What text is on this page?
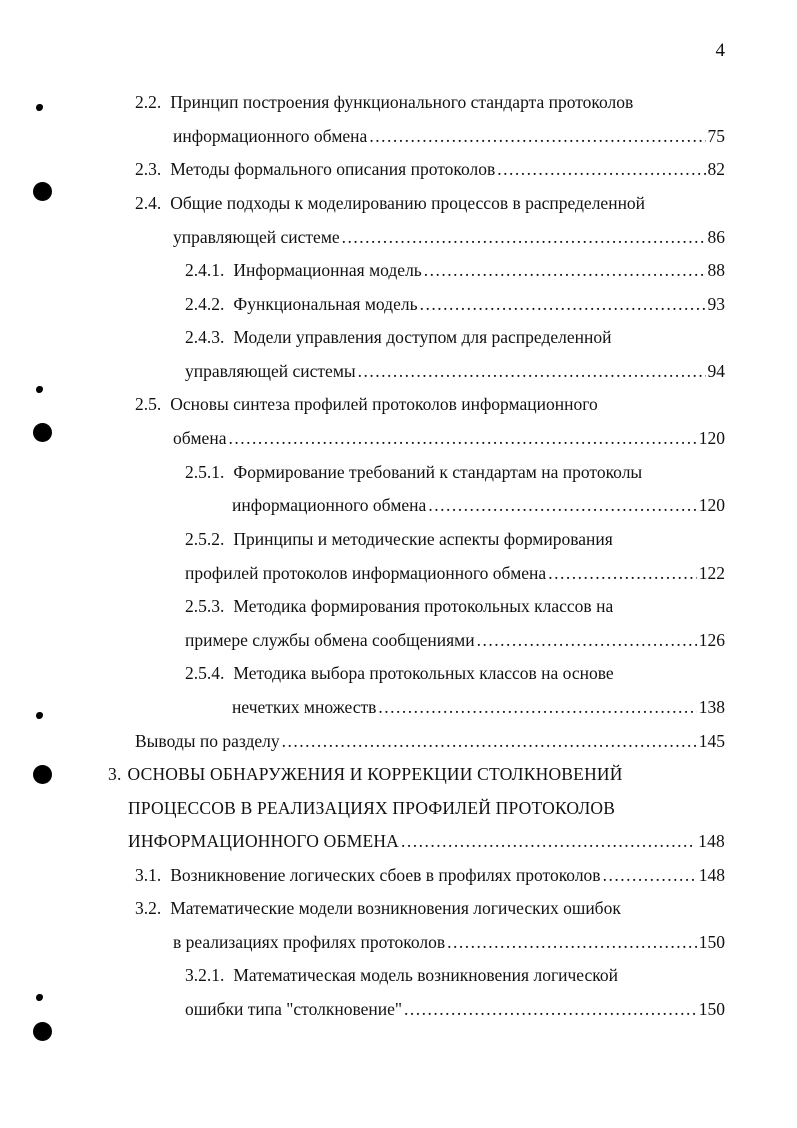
4
2.2. Принцип построения функционального стандарта протоколов
информационного обмена .....	75
2.3. Методы формального описания протоколов .....	82
2.4. Общие подходы к моделированию процессов в распределенной
управляющей системе .....	86
2.4.1. Информационная модель .....	88
2.4.2. Функциональная модель .....	93
2.4.3. Модели управления доступом для распределенной
управляющей системы .....	94
2.5. Основы синтеза профилей протоколов информационного
обмена .....	120
2.5.1. Формирование требований к стандартам на протоколы
информационного обмена .....	120
2.5.2. Принципы и методические аспекты формирования
профилей протоколов информационного обмена .....	122
2.5.3. Методика формирования протокольных классов на
примере службы обмена сообщениями .....	126
2.5.4. Методика выбора протокольных классов на основе
нечетких множеств .....	138
Выводы по разделу .....	145
3. ОСНОВЫ ОБНАРУЖЕНИЯ И КОРРЕКЦИИ СТОЛКНОВЕНИЙ
ПРОЦЕССОВ В РЕАЛИЗАЦИЯХ ПРОФИЛЕЙ ПРОТОКОЛОВ
ИНФОРМАЦИОННОГО ОБМЕНА .....	148
3.1. Возникновение логических сбоев в профилях протоколов .....	148
3.2. Математические модели возникновения логических ошибок
в реализациях профилях протоколов .....	150
3.2.1. Математическая модель возникновения логической
ошибки типа "столкновение" .....	150
